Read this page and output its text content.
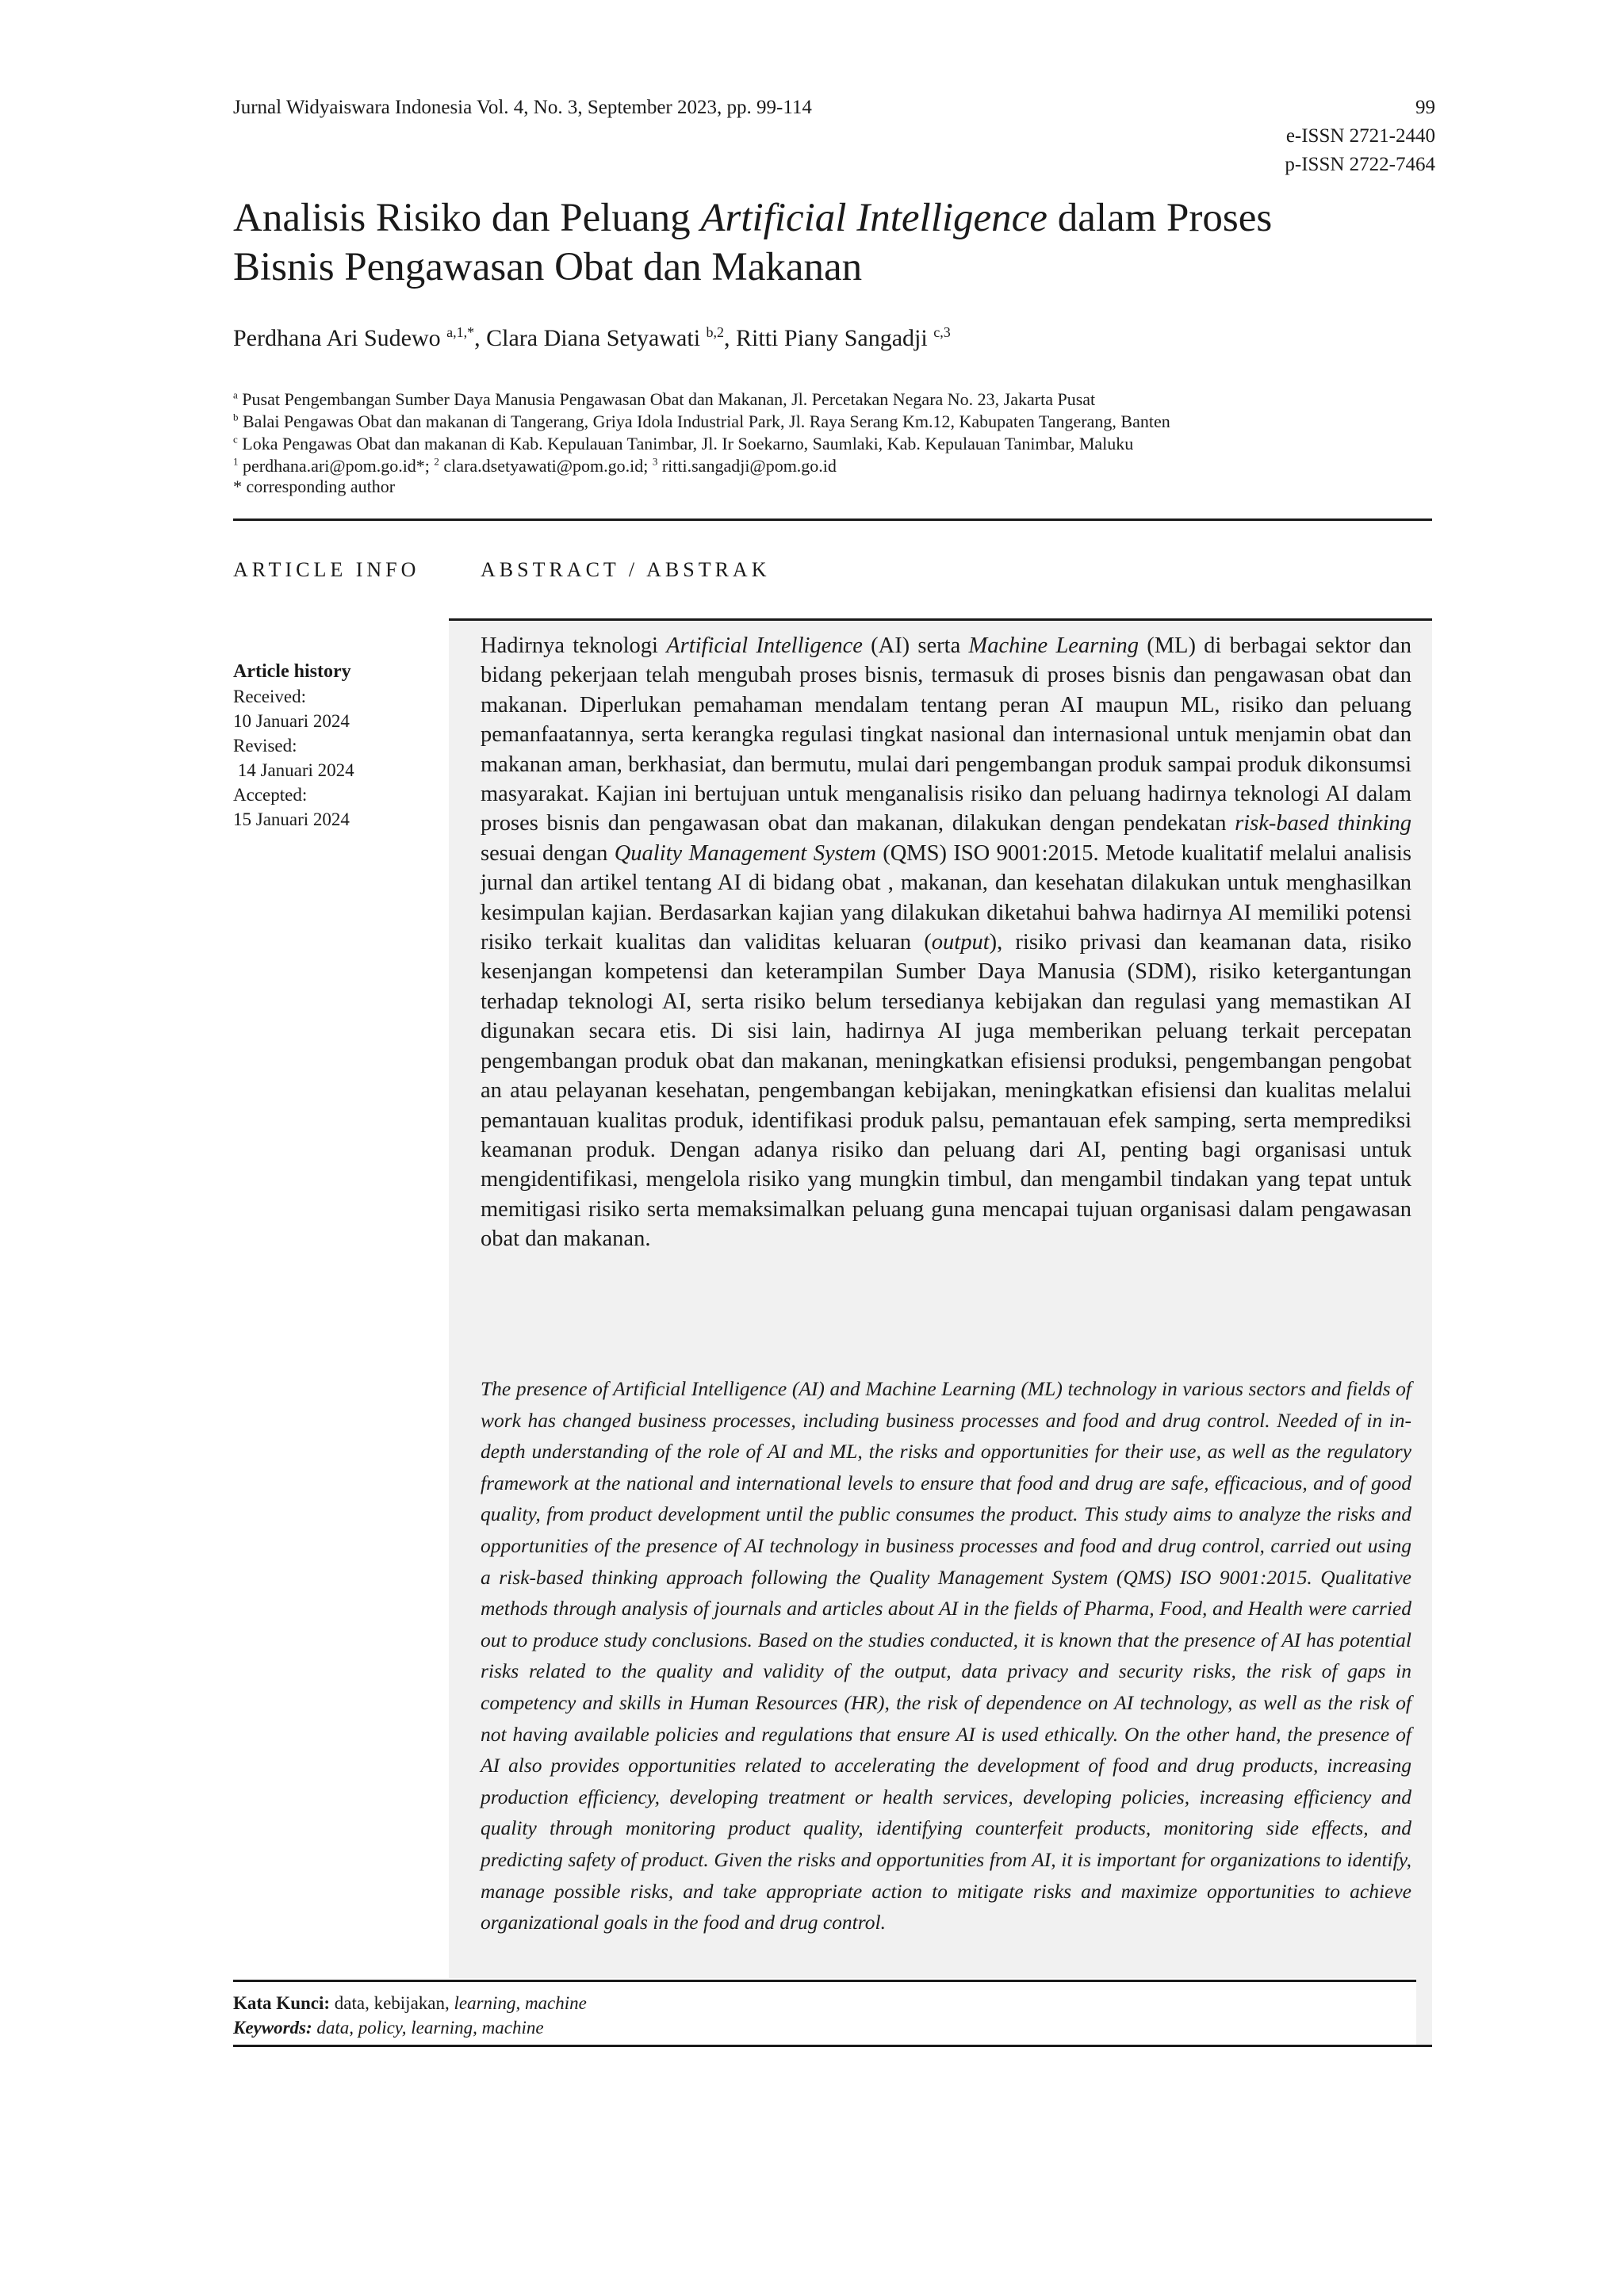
Jurnal Widyaiswara Indonesia Vol. 4, No. 3, September 2023, pp. 99-114	99
e-ISSN 2721-2440
p-ISSN 2722-7464
Analisis Risiko dan Peluang Artificial Intelligence dalam Proses
Bisnis Pengawasan Obat dan Makanan
Perdhana Ari Sudewo $^{a,1,*}$, Clara Diana Setyawati $^{b,2}$, Ritti Piany Sangadji $^{c,3}$
$^a$ Pusat Pengembangan Sumber Daya Manusia Pengawasan Obat dan Makanan, Jl. Percetakan Negara No. 23, Jakarta Pusat
$^b$ Balai Pengawas Obat dan makanan di Tangerang, Griya Idola Industrial Park, Jl. Raya Serang Km.12, Kabupaten Tangerang, Banten
$^c$ Loka Pengawas Obat dan makanan di Kab. Kepulauan Tanimbar, Jl. Ir Soekarno, Saumlaki, Kab. Kepulauan Tanimbar, Maluku
$^1$ perdhana.ari@pom.go.id*; $^2$ clara.dsetyawati@pom.go.id; $^3$ ritti.sangadji@pom.go.id
* corresponding author
ARTICLE INFO	ABSTRACT / ABSTRAK
Article history
Received:
10 Januari 2024
Revised:
14 Januari 2024
Accepted:
15 Januari 2024
Hadirnya teknologi Artificial Intelligence (AI) serta Machine Learning (ML) di berbagai sektor dan bidang pekerjaan telah mengubah proses bisnis, termasuk di proses bisnis dan pengawasan obat dan makanan. Diperlukan pemahaman mendalam tentang peran AI maupun ML, risiko dan peluang pemanfaatannya, serta kerangka regulasi tingkat nasional dan internasional untuk menjamin obat dan makanan aman, berkhasiat, dan bermutu, mulai dari pengembangan produk sampai produk dikonsumsi masyarakat. Kajian ini bertujuan untuk menganalisis risiko dan peluang hadirnya teknologi AI dalam proses bisnis dan pengawasan obat dan makanan, dilakukan dengan pendekatan risk-based thinking sesuai dengan Quality Management System (QMS) ISO 9001:2015. Metode kualitatif melalui analisis jurnal dan artikel tentang AI di bidang obat , makanan, dan kesehatan dilakukan untuk menghasilkan kesimpulan kajian. Berdasarkan kajian yang dilakukan diketahui bahwa hadirnya AI memiliki potensi risiko terkait kualitas dan validitas keluaran (output), risiko privasi dan keamanan data, risiko kesenjangan kompetensi dan keterampilan Sumber Daya Manusia (SDM), risiko ketergantungan terhadap teknologi AI, serta risiko belum tersedianya kebijakan dan regulasi yang memastikan AI digunakan secara etis. Di sisi lain, hadirnya AI juga memberikan peluang terkait percepatan pengembangan produk obat dan makanan, meningkatkan efisiensi produksi, pengembangan pengobat an atau pelayanan kesehatan, pengembangan kebijakan, meningkatkan efisiensi dan kualitas melalui pemantauan kualitas produk, identifikasi produk palsu, pemantauan efek samping, serta memprediksi keamanan produk. Dengan adanya risiko dan peluang dari AI, penting bagi organisasi untuk mengidentifikasi, mengelola risiko yang mungkin timbul, dan mengambil tindakan yang tepat untuk memitigasi risiko serta memaksimalkan peluang guna mencapai tujuan organisasi dalam pengawasan obat dan makanan.
The presence of Artificial Intelligence (AI) and Machine Learning (ML) technology in various sectors and fields of work has changed business processes, including business processes and food and drug control. Needed of in in-depth understanding of the role of AI and ML, the risks and opportunities for their use, as well as the regulatory framework at the national and international levels to ensure that food and drug are safe, efficacious, and of good quality, from product development until the public consumes the product. This study aims to analyze the risks and opportunities of the presence of AI technology in business processes and food and drug control, carried out using a risk-based thinking approach following the Quality Management System (QMS) ISO 9001:2015. Qualitative methods through analysis of journals and articles about AI in the fields of Pharma, Food, and Health were carried out to produce study conclusions. Based on the studies conducted, it is known that the presence of AI has potential risks related to the quality and validity of the output, data privacy and security risks, the risk of gaps in competency and skills in Human Resources (HR), the risk of dependence on AI technology, as well as the risk of not having available policies and regulations that ensure AI is used ethically. On the other hand, the presence of AI also provides opportunities related to accelerating the development of food and drug products, increasing production efficiency, developing treatment or health services, developing policies, increasing efficiency and quality through monitoring product quality, identifying counterfeit products, monitoring side effects, and predicting safety of product. Given the risks and opportunities from AI, it is important for organizations to identify, manage possible risks, and take appropriate action to mitigate risks and maximize opportunities to achieve organizational goals in the food and drug control.
Kata Kunci: data, kebijakan, learning, machine
Keywords: data, policy, learning, machine
